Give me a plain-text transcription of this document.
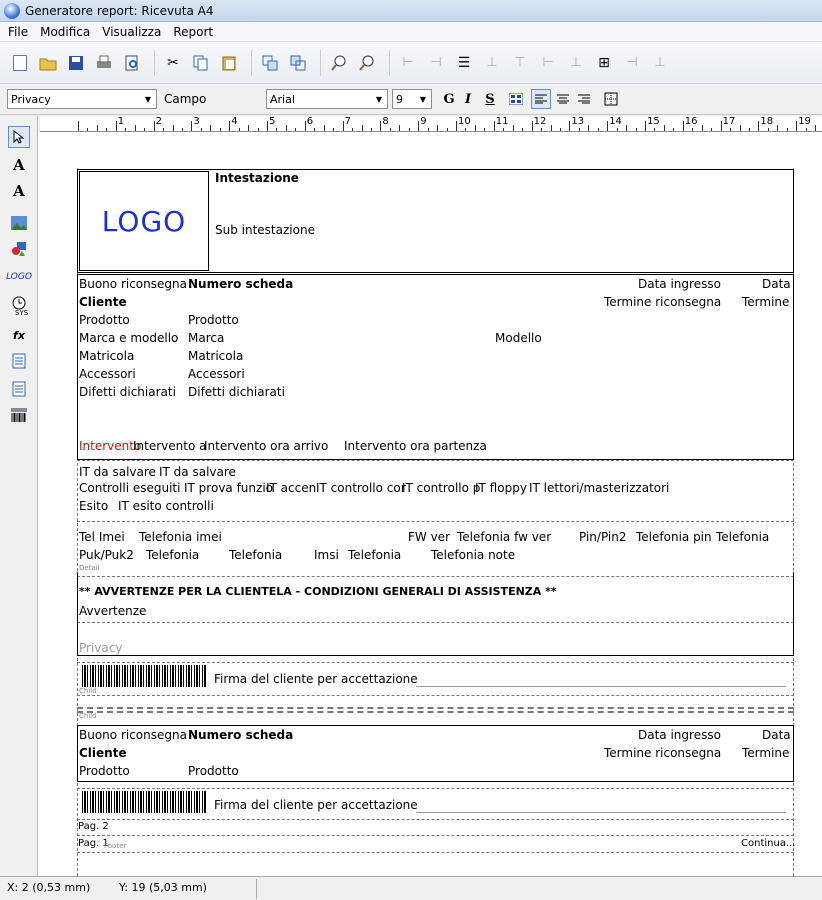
Generatore report: Ricevuta A4
File	Modifica	Visualizza	Report
✂	⊢	⊣	☰	⊥	⊤	⊢	⊥	⊞	⊣	⊥
Privacy	▼	Campo	Arial	▼	9	▼	G I	S
1	2	3	4	5	6	7	8	9	10	11	12	13	14	15	16	17	18	19
A
A
LOGO
SYS
fx
LOGO
Intestazione
Sub intestazione
Buono riconsegna Numero scheda	Data ingresso	Data
Cliente	Termine riconsegna Termine
Prodotto	Prodotto
Marca e modello Marca	Modello
Matricola	Matricola
Accessori	Accessori
Difetti dichiarati Difetti dichiarati
Intervento
Intervento a
Intervento ora arrivo Intervento ora partenza
IT da salvare IT da salvare
Controlli eseguiti IT prova funzio
IT accen IT controllo cor
IT controllo p
IT floppy IT lettori/masterizzatori
Esito IT esito controlli
Tel Imei Telefonia imei	FW ver Telefonia fw ver Pin/Pin2 Telefonia pin Telefonia
Puk/Puk2 Telefonia Telefonia	Imsi Telefonia Telefonia note
Detail
** AVVERTENZE PER LA CLIENTELA - CONDIZIONI GENERALI DI ASSISTENZA **
Avvertenze
Privacy
Firma del cliente per accettazione
Child
Child
Buono riconsegna Numero scheda	Data ingresso	Data
Cliente	Termine riconsegna Termine
Prodotto	Prodotto
Firma del cliente per accettazione
Pag. 2
Pag. 1
Footer	Continua...
X: 2 (0,53 mm)	Y: 19 (5,03 mm)
